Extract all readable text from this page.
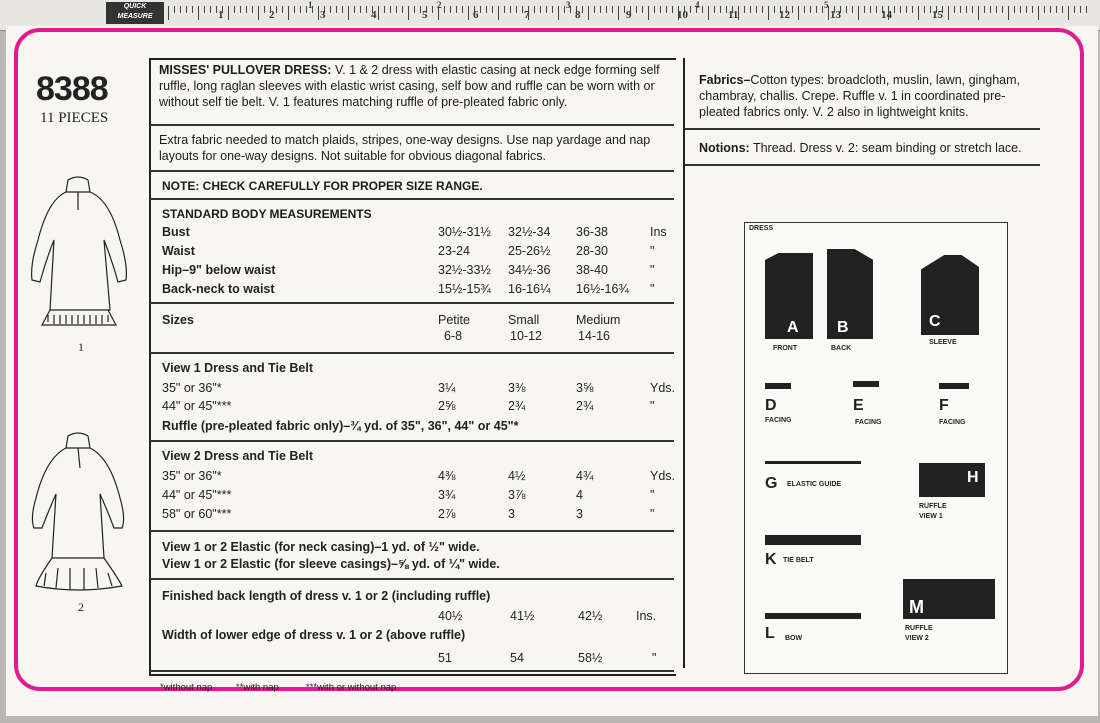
QUICK
MEASURE	1	2	3	4	5	6	7	8	9	10	11	12	13	14	15
1	2	3	4	5
8388
11 PIECES
1
2
MISSES' PULLOVER DRESS: V. 1 & 2 dress with elastic casing at neck edge forming self ruffle, long raglan sleeves with elastic wrist casing, self bow and ruffle can be worn with or without self tie belt. V. 1 features matching ruffle of pre-pleated fabric only.
Extra fabric needed to match plaids, stripes, one-way designs. Use nap yardage and nap layouts for one-way designs. Not suitable for obvious diagonal fabrics.
NOTE: CHECK CAREFULLY FOR PROPER SIZE RANGE.
STANDARD BODY MEASUREMENTS
Bust	30½-31½ 32½-34 36-38	Ins
Waist	23-24	25-26½ 28-30	"
Hip–9" below waist	32½-33½ 34½-36 38-40	"
Back-neck to waist	15½-15¾ 16-16¼ 16½-16¾ "
Sizes	Petite
6-8
Small
10-12
Medium
14-16
View 1 Dress and Tie Belt
35" or 36"*	3¼	3⅜	3⅝	Yds.
44" or 45"***	2⅝	2¾	2¾	"
Ruffle (pre-pleated fabric only)–¾ yd. of 35", 36", 44" or 45"*
View 2 Dress and Tie Belt
35" or 36"*	4⅜	4½	4¾	Yds.
44" or 45"***	3¾	3⅞	4	"
58" or 60"***	2⅞	3	3	"
View 1 or 2 Elastic (for neck casing)–1 yd. of ½" wide.
View 1 or 2 Elastic (for sleeve casings)–⅝ yd. of ¼" wide.
Finished back length of dress v. 1 or 2 (including ruffle)
40½	41½	42½	Ins.
Width of lower edge of dress v. 1 or 2 (above ruffle)
51	54	58½	"
*without nap **with nap	***with or without nap
Fabrics–Cotton types: broadcloth, muslin, lawn, gingham, chambray, challis. Crepe. Ruffle v. 1 in coordinated pre-pleated fabrics only. V. 2 also in lightweight knits.
Notions: Thread. Dress v. 2: seam binding or stretch lace.
DRESS
A
FRONT
B
BACK
C
SLEEVE
D
FACING
E
FACING
F
FACING
G ELASTIC GUIDE	H
RUFFLE
VIEW 1
K TIE BELT
M
RUFFLE
VIEW 2
L BOW
